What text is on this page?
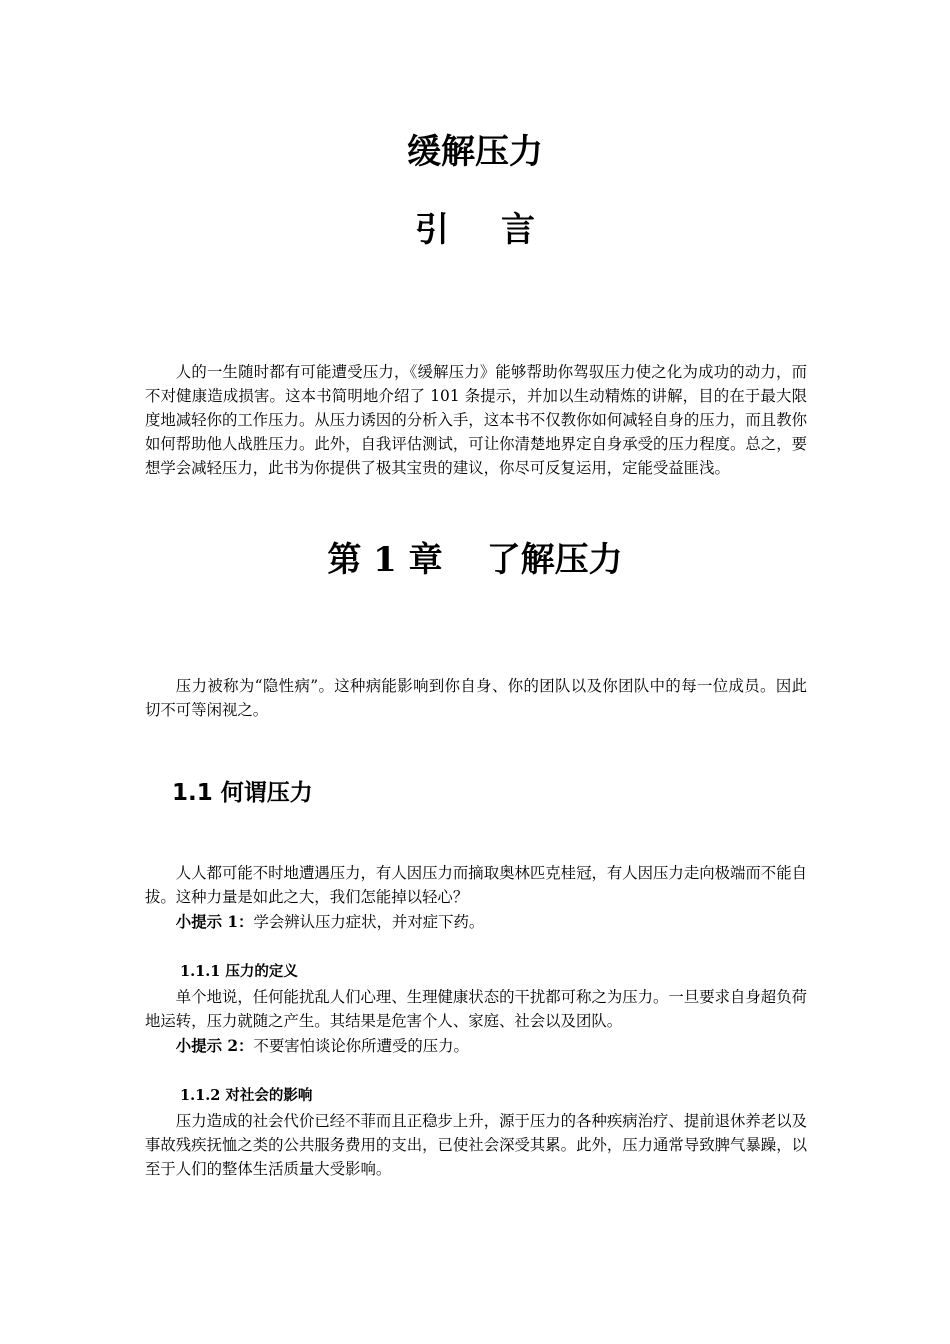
缓解压力
引 言

人的一生随时都有可能遭受压力，《缓解压力》能够帮助你驾驭压力使之化为成功的动力，而不对健康造成损害。这本书简明地介绍了 101 条提示，并加以生动精炼的讲解，目的在于最大限度地减轻你的工作压力。从压力诱因的分析入手，这本书不仅教你如何减轻自身的压力，而且教你如何帮助他人战胜压力。此外，自我评估测试，可让你清楚地界定自身承受的压力程度。总之，要想学会减轻压力，此书为你提供了极其宝贵的建议，你尽可反复运用，定能受益匪浅。

第 1 章 了解压力

压力被称为“隐性病”。这种病能影响到你自身、你的团队以及你团队中的每一位成员。因此切不可等闲视之。

1.1 何谓压力

人人都可能不时地遭遇压力，有人因压力而摘取奥林匹克桂冠，有人因压力走向极端而不能自拔。这种力量是如此之大，我们怎能掉以轻心？

小提示 1：学会辨认压力症状，并对症下药。

1.1.1 压力的定义

单个地说，任何能扰乱人们心理、生理健康状态的干扰都可称之为压力。一旦要求自身超负荷地运转，压力就随之产生。其结果是危害个人、家庭、社会以及团队。

小提示 2：不要害怕谈论你所遭受的压力。

1.1.2 对社会的影响

压力造成的社会代价已经不菲而且正稳步上升，源于压力的各种疾病治疗、提前退休养老以及事故残疾抚恤之类的公共服务费用的支出，已使社会深受其累。此外，压力通常导致脾气暴躁，以至于人们的整体生活质量大受影响。
